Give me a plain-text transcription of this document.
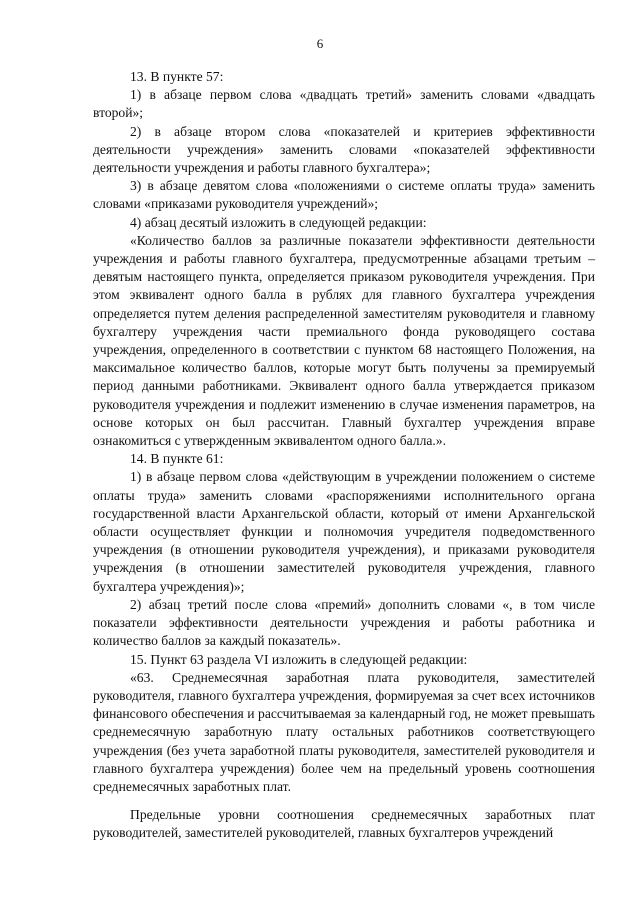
6

13. В пункте 57:

1) в абзаце первом слова «двадцать третий» заменить словами «двадцать второй»;

2) в абзаце втором слова «показателей и критериев эффективности деятельности учреждения» заменить словами «показателей эффективности деятельности учреждения и работы главного бухгалтера»;

3) в абзаце девятом слова «положениями о системе оплаты труда» заменить словами «приказами руководителя учреждений»;

4) абзац десятый изложить в следующей редакции:

«Количество баллов за различные показатели эффективности деятельности учреждения и работы главного бухгалтера, предусмотренные абзацами третьим – девятым настоящего пункта, определяется приказом руководителя учреждения. При этом эквивалент одного балла в рублях для главного бухгалтера учреждения определяется путем деления распределенной заместителям руководителя и главному бухгалтеру учреждения части премиального фонда руководящего состава учреждения, определенного в соответствии с пунктом 68 настоящего Положения, на максимальное количество баллов, которые могут быть получены за премируемый период данными работниками. Эквивалент одного балла утверждается приказом руководителя учреждения и подлежит изменению в случае изменения параметров, на основе которых он был рассчитан. Главный бухгалтер учреждения вправе ознакомиться с утвержденным эквивалентом одного балла.».

14. В пункте 61:

1) в абзаце первом слова «действующим в учреждении положением о системе оплаты труда» заменить словами «распоряжениями исполнительного органа государственной власти Архангельской области, который от имени Архангельской области осуществляет функции и полномочия учредителя подведомственного учреждения (в отношении руководителя учреждения), и приказами руководителя учреждения (в отношении заместителей руководителя учреждения, главного бухгалтера учреждения)»;

2) абзац третий после слова «премий» дополнить словами «, в том числе показатели эффективности деятельности учреждения и работы работника и количество баллов за каждый показатель».

15. Пункт 63 раздела VI изложить в следующей редакции:

«63. Среднемесячная заработная плата руководителя, заместителей руководителя, главного бухгалтера учреждения, формируемая за счет всех источников финансового обеспечения и рассчитываемая за календарный год, не может превышать среднемесячную заработную плату остальных работников соответствующего учреждения (без учета заработной платы руководителя, заместителей руководителя и главного бухгалтера учреждения) более чем на предельный уровень соотношения среднемесячных заработных плат.

Предельные уровни соотношения среднемесячных заработных плат руководителей, заместителей руководителей, главных бухгалтеров учреждений
